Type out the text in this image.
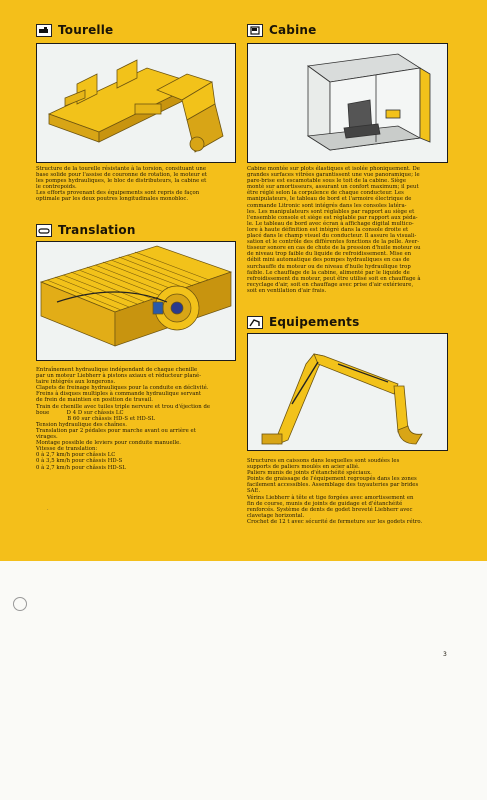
Tourelle

Structure de la tourelle résistante à la torsion, consituant une

base solide pour l'assise de couronne de rotation, le moteur et

les pompes hydrauliques, le bloc de distributeurs, la cabine et

le contrepoids.

Les efforts provenant des équipements sont repris de façon

optimale par les deux poutres longitudinales monobloc.

Cabine

Cabine montée sur plots élastiques et isolée phoniquement. De

grandes surfaces vitrées garantissent une vue panoramique; le

pare-brise est escamotable sous le toit de la cabine. Siège

monté sur amortisseurs, assurant un confort maximum; il peut

être réglé selon la corpulence de chaque conducteur. Les

manipulateurs, le tableau de bord et l'armoire électrique de

commande Litronic sont intégrés dans les consoles latéra-

les. Les manipulateurs sont réglables par rapport au siège et

l'ensemble console et siège est réglable par rapport aux péda-

le. Le tableau de bord avec écran à affichage digital multico-

lore à haute définition est intégré dans la console droite et

placé dans le champ visuel du conducteur. Il assure la visuali-

sation et le contrôle des différentes fonctions de la pelle. Aver-

tisseur sonore en cas de chute de la pression d'huile moteur ou

de niveau trop faible du liquide de refroidissement. Mise en

débit mini automatique des pompes hydrauliques en cas de

surchauffe du moteur ou de niveau d'huile hydraulique trop

faible. Le chauffage de la cabine, alimenté par le liquide de

refroidissement du moteur, peut être utilisé soit en chauffage à

recyclage d'air, soit en chauffage avec prise d'air extérieure,

soit en ventilation d'air frais.

Translation

Entraînement hydraulique indépendant de chaque chenille

par un moteur Liebherr à pistons axiaux et réducteur plané-

taire intégrés aux longerons.

Clapets de freinage hydrauliques pour la conduite en déclivité.

Freins à disques multiples à commande hydraulique servant

de frein de maintien en position de travail.

Train de chenille avec tuiles triple nervure et trou d'éjection de

boue          D 4 D sur châssis LC

B 60 sur châssis HD-S et HD-SL

Tension hydraulique des chaînes.

Translation par 2 pédales pour marche avant ou arrière et

virages.

Montage possible de leviers pour conduite manuelle.

Vitesse de translation:

0 à 2,7 km/h pour châssis LC

0 à 3,5 km/h pour châssis HD-S

0 à 2,7 km/h pour châssis HD-SL

Equipements

Structures en caissons dans lesquelles sont soudées les

supports de paliers moulés en acier allié.

Paliers munis de joints d'étanchéité spéciaux.

Points de graissage de l'équipement regroupés dans les zones

facilement accessibles. Assemblage des tuyauteries par brides

SAE.

Vérins Liebherr à tête et tige forgées avec amortissement en

fin de course, munis de joints de guidage et d'étanchéité

renforcés. Système de dents de godet breveté Liebherr avec

clavetage horizontal.

Crochet de 12 t avec sécurité de fermeture sur les godets rétro.

·
3
